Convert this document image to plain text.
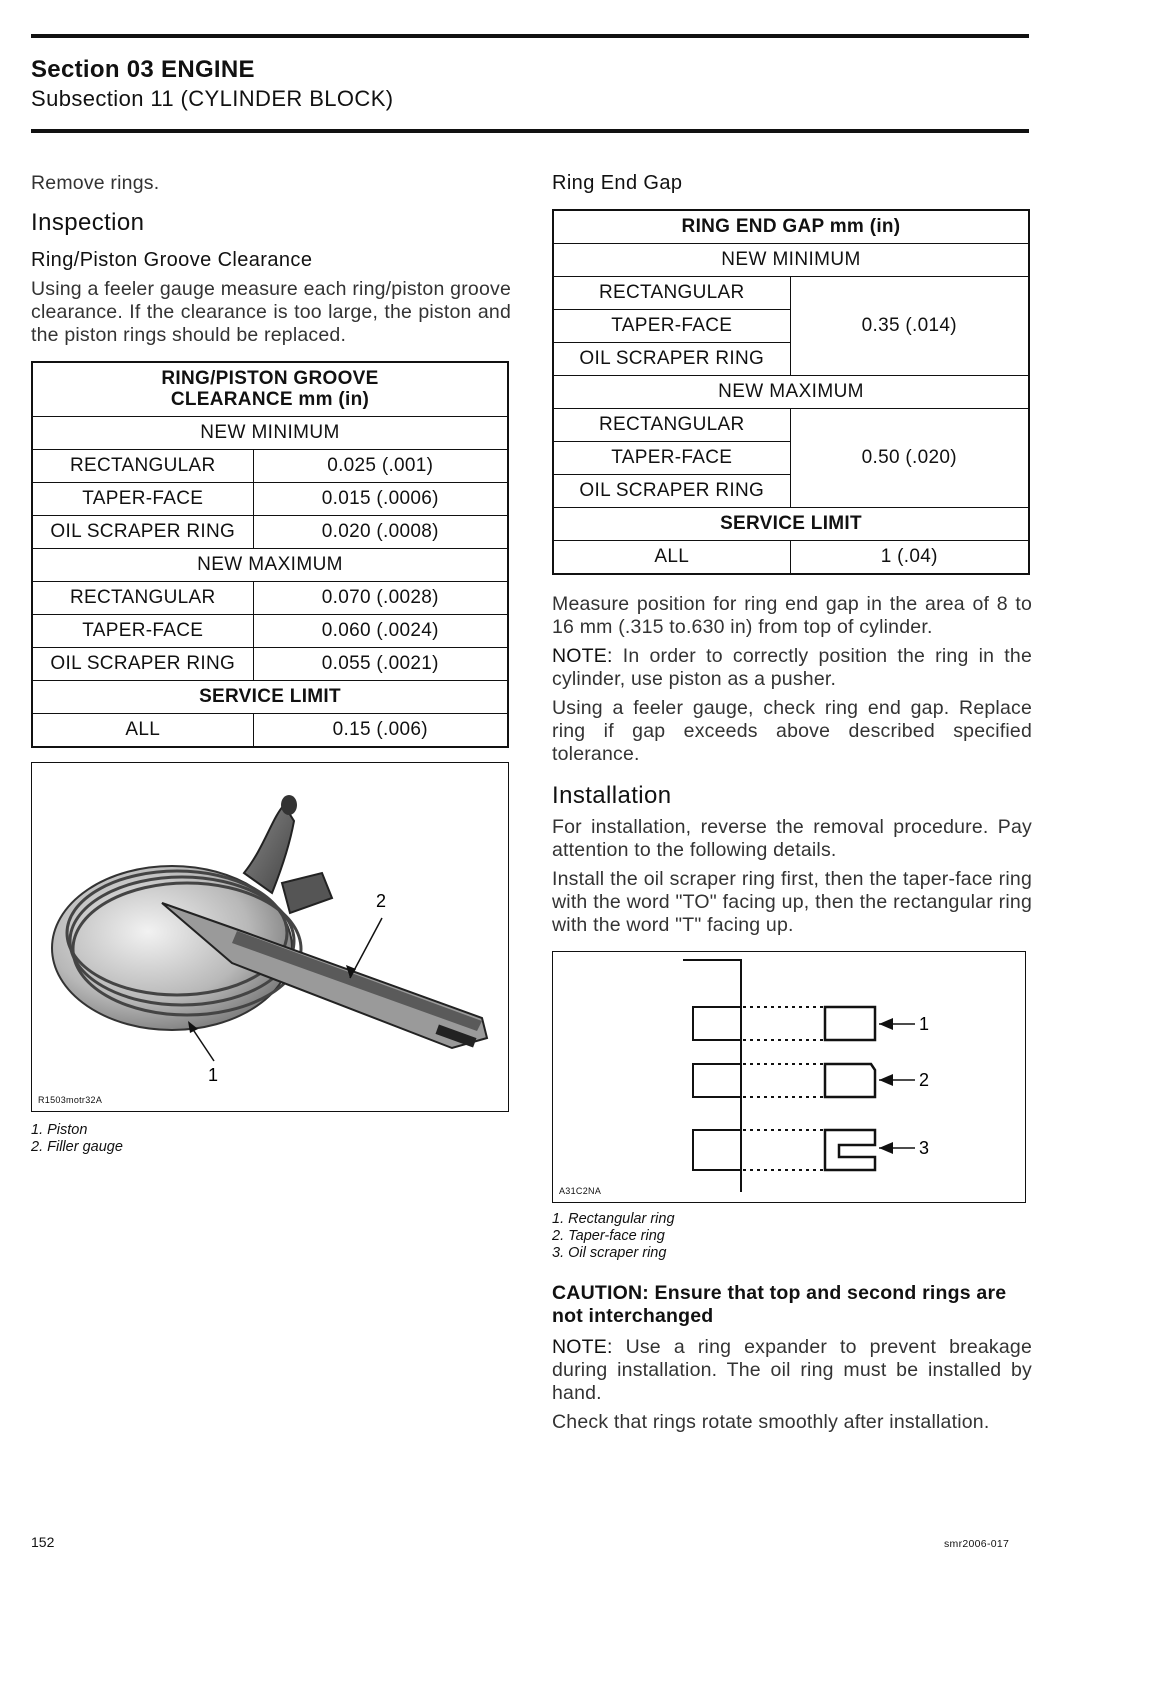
Section 03 ENGINE
Subsection 11 (CYLINDER BLOCK)

Remove rings.

Inspection
Ring/Piston Groove Clearance

Using a feeler gauge measure each ring/piston groove clearance. If the clearance is too large, the piston and the piston rings should be replaced.

RING/PISTON GROOVE
CLEARANCE mm (in)	
NEW MINIMUM	
RECTANGULAR	0.025 (.001)
TAPER-FACE	0.015 (.0006)
OIL SCRAPER RING	0.020 (.0008)
NEW MAXIMUM	
RECTANGULAR	0.070 (.0028)
TAPER-FACE	0.060 (.0024)
OIL SCRAPER RING	0.055 (.0021)
SERVICE LIMIT	
ALL	0.15 (.006)
2
1
R1503motr32A
1. Piston
2. Filler gauge
Ring End Gap
RING END GAP mm (in)	
NEW MINIMUM	
RECTANGULAR	0.35 (.014)
TAPER-FACE	
OIL SCRAPER RING	
NEW MAXIMUM	
RECTANGULAR	0.50 (.020)
TAPER-FACE	
OIL SCRAPER RING	
SERVICE LIMIT	
ALL	1 (.04)

Measure position for ring end gap in the area of 8 to 16 mm (.315 to.630 in) from top of cylinder.

NOTE: In order to correctly position the ring in the cylinder, use piston as a pusher.

Using a feeler gauge, check ring end gap. Replace ring if gap exceeds above described specified tolerance.

Installation

For installation, reverse the removal procedure. Pay attention to the following details.

Install the oil scraper ring first, then the taper-face ring with the word "TO" facing up, then the rectangular ring with the word "T" facing up.

1
2
3
A31C2NA
1. Rectangular ring
2. Taper-face ring
3. Oil scraper ring

CAUTION: Ensure that top and second rings are not interchanged

NOTE: Use a ring expander to prevent breakage during installation. The oil ring must be installed by hand.

Check that rings rotate smoothly after installation.

152	smr2006-017
